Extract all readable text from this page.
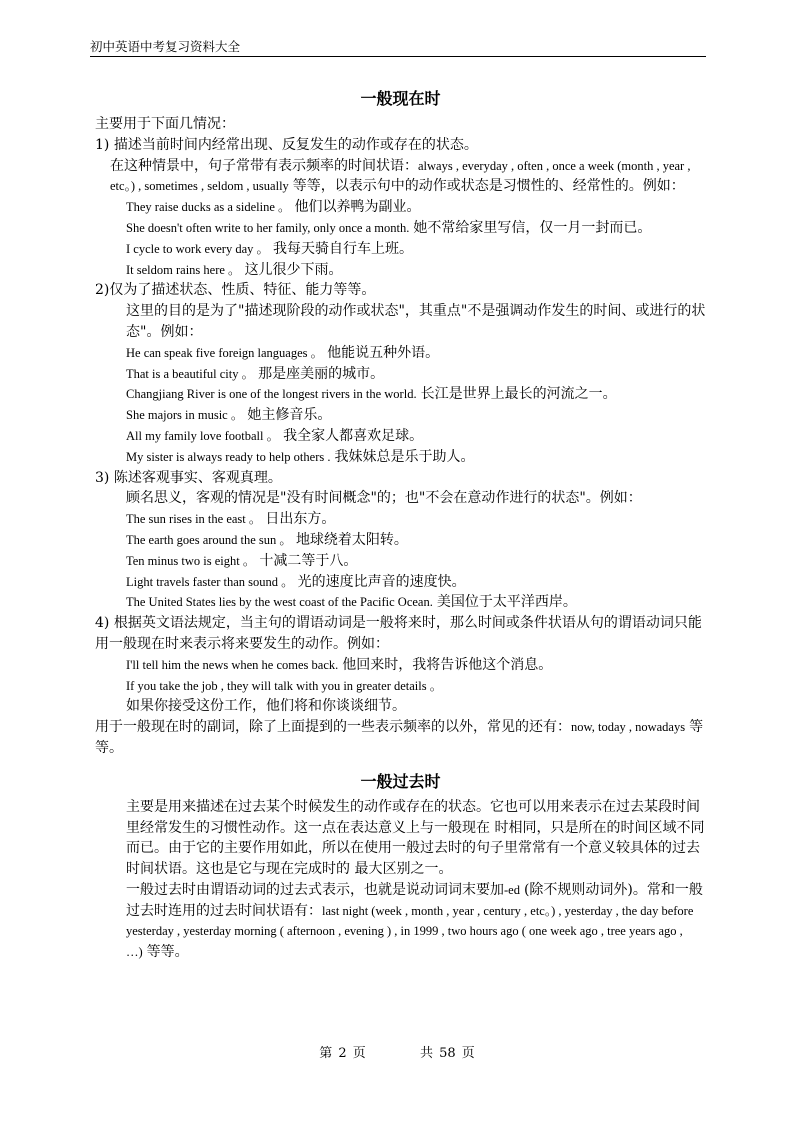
初中英语中考复习资料大全
一般现在时

主要用于下面几情况：

1) 描述当前时间内经常出现、反复发生的动作或存在的状态。

在这种情景中，句子常带有表示频率的时间状语：always , everyday , often , once a week (month , year , etc。) , sometimes , seldom , usually 等等，以表示句中的动作或状态是习惯性的、经常性的。例如：

They raise ducks as a sideline 。 他们以养鸭为副业。

She doesn't often write to her family, only once a month. 她不常给家里写信，仅一月一封而已。

I cycle to work every day 。 我每天骑自行车上班。

It seldom rains here 。 这儿很少下雨。

2)仅为了描述状态、性质、特征、能力等等。

这里的目的是为了"描述现阶段的动作或状态"，其重点"不是强调动作发生的时间、或进行的状态"。例如：

He can speak five foreign languages 。 他能说五种外语。

That is a beautiful city 。 那是座美丽的城市。

Changjiang River is one of the longest rivers in the world. 长江是世界上最长的河流之一。

She majors in music 。 她主修音乐。

All my family love football 。 我全家人都喜欢足球。

My sister is always ready to help others . 我妹妹总是乐于助人。

3) 陈述客观事实、客观真理。

顾名思义，客观的情况是"没有时间概念"的；也"不会在意动作进行的状态"。例如：

The sun rises in the east 。 日出东方。

The earth goes around the sun 。 地球绕着太阳转。

Ten minus two is eight 。 十减二等于八。

Light travels faster than sound 。 光的速度比声音的速度快。

The United States lies by the west coast of the Pacific Ocean. 美国位于太平洋西岸。

4) 根据英文语法规定，当主句的谓语动词是一般将来时，那么时间或条件状语从句的谓语动词只能用一般现在时来表示将来要发生的动作。例如：

I'll tell him the news when he comes back. 他回来时，我将告诉他这个消息。

If you take the job , they will talk with you in greater details 。

如果你接受这份工作，他们将和你谈谈细节。

用于一般现在时的副词，除了上面提到的一些表示频率的以外，常见的还有：now, today , nowadays 等等。

一般过去时

主要是用来描述在过去某个时候发生的动作或存在的状态。它也可以用来表示在过去某段时间里经常发生的习惯性动作。这一点在表达意义上与一般现在 时相同，只是所在的时间区域不同而已。由于它的主要作用如此，所以在使用一般过去时的句子里常常有一个意义较具体的过去时间状语。这也是它与现在完成时的 最大区别之一。

一般过去时由谓语动词的过去式表示，也就是说动词词末要加-ed (除不规则动词外)。常和一般过去时连用的过去时间状语有：last night (week , month , year , century , etc。) , yesterday , the day before yesterday , yesterday morning ( afternoon , evening ) , in 1999 , two hours ago ( one week ago , tree years ago , …) 等等。

第 2 页	共 58 页
